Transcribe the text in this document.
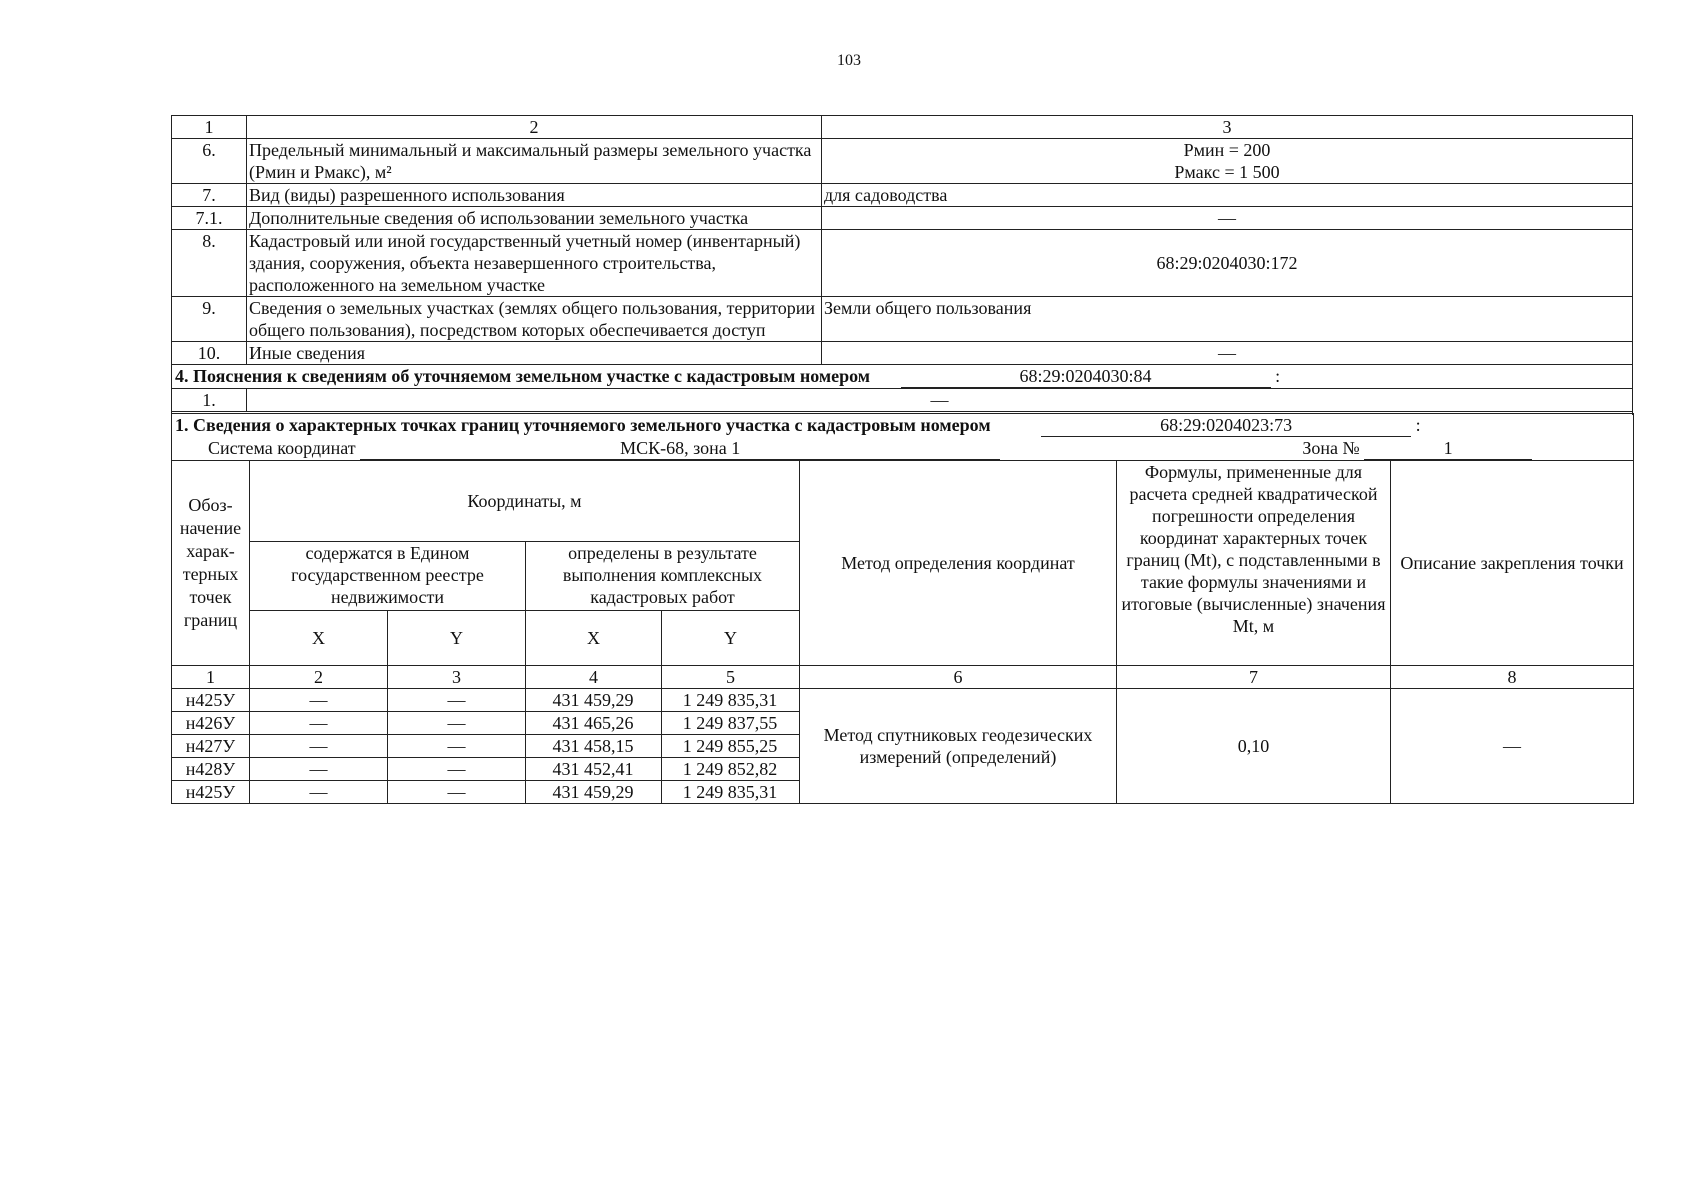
103
1	2	3
6.	Предельный минимальный и максимальный размеры земельного участка (Рмин и Рмакс), м²	Рмин = 200
Рмакс = 1 500

7.	Вид (виды) разрешенного использования	для садоводства
7.1.	Дополнительные сведения об использовании земельного участка	—
8.	Кадастровый или иной государственный учетный номер (инвентарный) здания, сооружения, объекта незавершенного строительства, расположенного на земельном участке	68:29:0204030:172
9.	Сведения о земельных участках (землях общего пользования, территории общего пользования), посредством которых обеспечивается доступ	Земли общего пользования
10.	Иные сведения	—
4. Пояснения к сведениям об уточняемом земельном участке с кадастровым номером	68:29:0204030:84	:
1.	—

1. Сведения о характерных точках границ уточняемого земельного участка с кадастровым номером 68:29:0204023:73 :
Система координат МСК-68, зона 1 Зона № 1							

Обоз-начение харак-терных точек границ	Координаты, м				Метод определения координат	Формулы, примененные для расчета средней квадратической погрешности определения координат характерных точек границ (Mt), с подставленными в такие формулы значениями и итоговые (вычисленные) значения Mt, м	Описание закрепления точки
	содержатся в Едином государственном реестре недвижимости		определены в результате выполнения комплексных кадастровых работ				
	X	Y	X	Y			
1	2	3	4	5	6	7	8
н425У	—	—	431 459,29	1 249 835,31	Метод спутниковых геодезических измерений (определений)	0,10	—
н426У	—	—	431 465,26	1 249 837,55			
н427У	—	—	431 458,15	1 249 855,25			
н428У	—	—	431 452,41	1 249 852,82			
н425У	—	—	431 459,29	1 249 835,31			
